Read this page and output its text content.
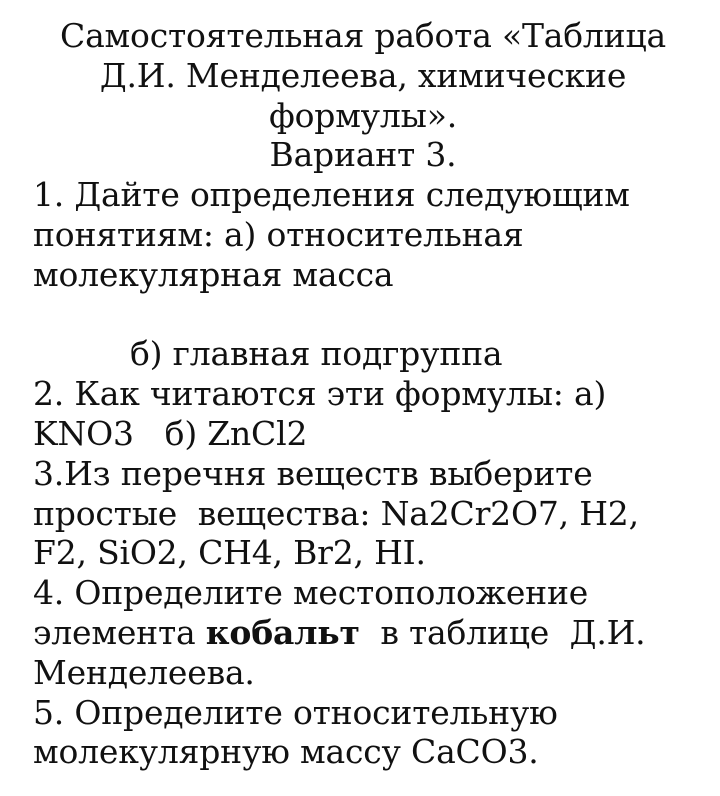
Самостоятельная работа «Таблица

Д.И. Менделеева, химические

формулы».

Вариант 3.

1. Дайте определения следующим понятиям: а) относительная молекулярная масса

б) главная подгруппа

2. Как читаются эти формулы: а) KNO3   б) ZnCl2

3.Из перечня веществ выберите простые  вещества: Na2Cr2O7, H2, F2, SiO2, CH4, Br2, HI.

4. Определите местоположение элемента кобальт  в таблице  Д.И. Менделеева.

5. Определите относительную молекулярную массу CaCO3.
